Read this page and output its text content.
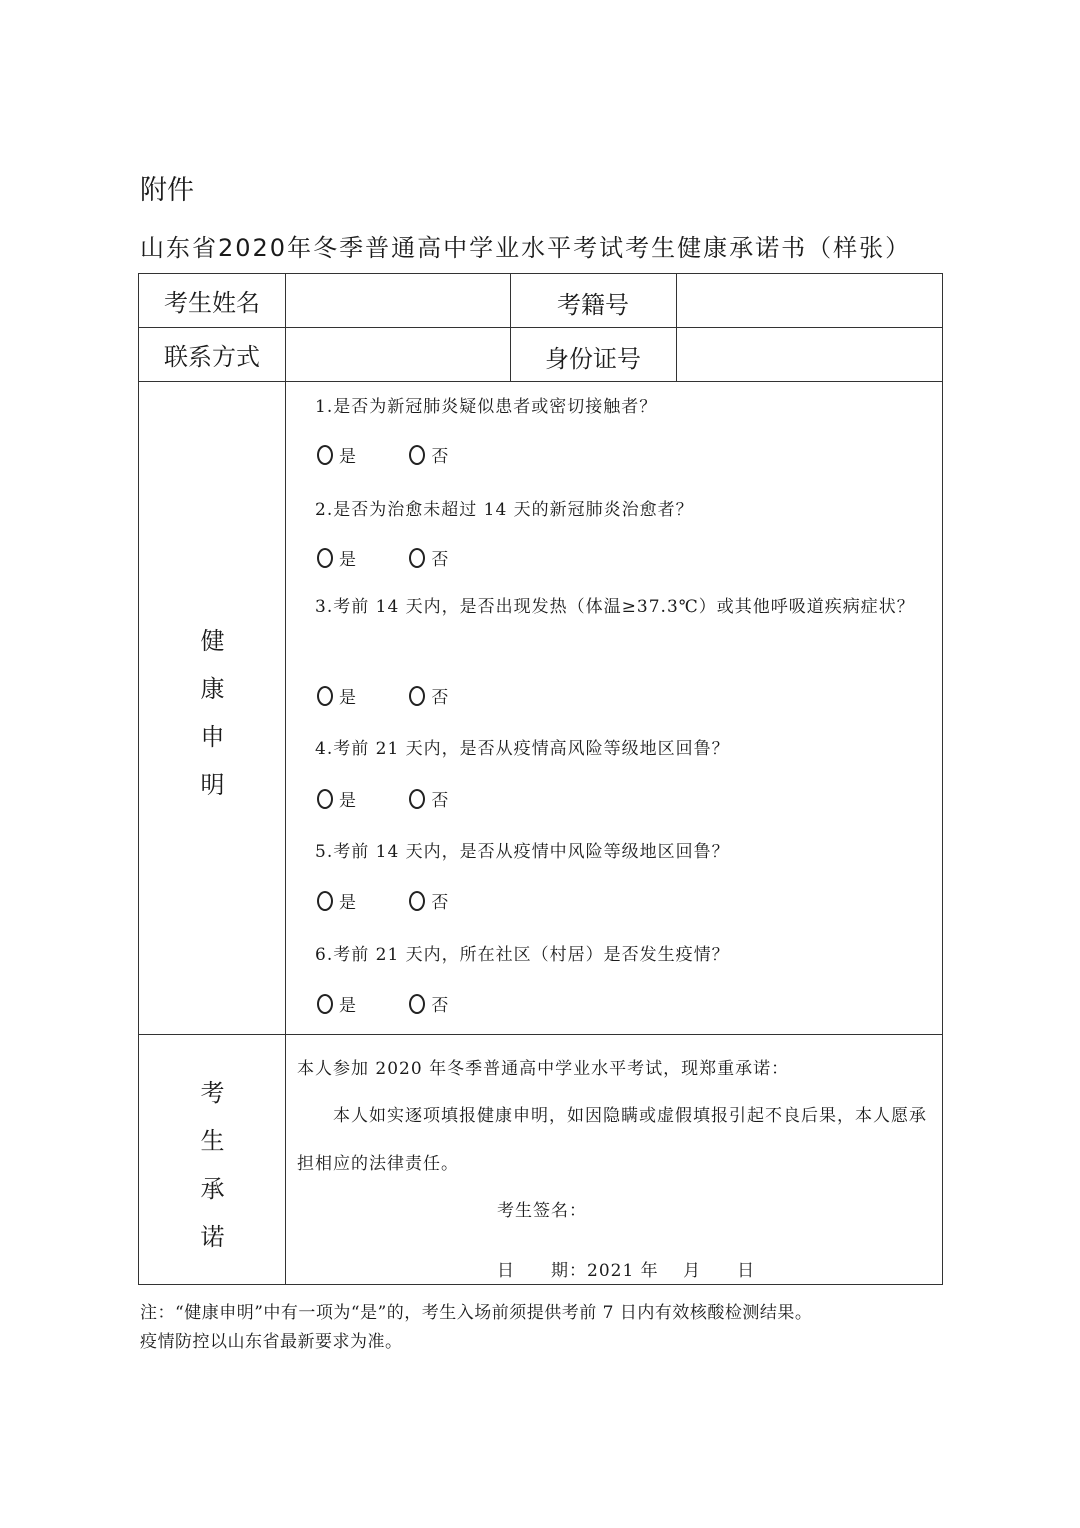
附件
山东省2020年冬季普通高中学业水平考试考生健康承诺书（样张）
考生姓名	考籍号
联系方式	身份证号
健
康
申
明
1.是否为新冠肺炎疑似患者或密切接触者？
是
	否
2.是否为治愈未超过 14 天的新冠肺炎治愈者？
是
	否
3.考前 14 天内，是否出现发热（体温≥37.3℃）或其他呼吸道疾病症状？
是
	否
4.考前 21 天内，是否从疫情高风险等级地区回鲁？
是
	否
5.考前 14 天内，是否从疫情中风险等级地区回鲁？
是
	否
6.考前 21 天内，所在社区（村居）是否发生疫情？
是
	否
考
生
承
诺
本人参加 2020 年冬季普通高中学业水平考试，现郑重承诺：
本人如实逐项填报健康申明，如因隐瞒或虚假填报引起不良后果，本人愿承担相应的法律责任。
考生签名：
日　　期：2021 年　 月　　日
注：“健康申明”中有一项为“是”的，考生入场前须提供考前 7 日内有效核酸检测结果。
疫情防控以山东省最新要求为准。
